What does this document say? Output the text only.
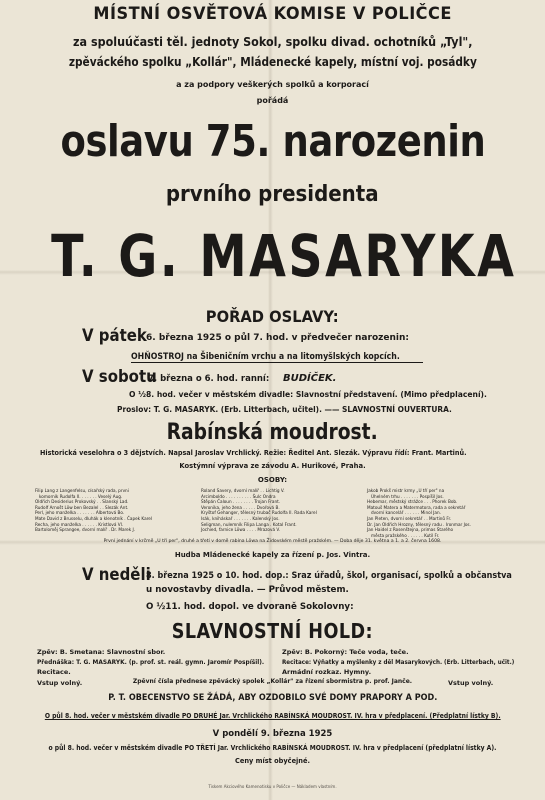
MÍSTNÍ OSVĚTOVÁ KOMISE V POLIČCE
za spoluúčasti těl. jednoty Sokol, spolku divad. ochotníků „Tyl",
zpěváckého spolku „Kollár", Mládenecké kapely, místní voj. posádky
a za podpory veškerých spolků a korporací
pořádá
oslavu 75. narozenin
prvního presidenta
T. G. MASARYKA
POŘAD OSLAVY:
V pátek 6. března 1925 o půl 7. hod. v předvečer narozenin:
OHŇOSTROJ na Šibeničním vrchu a na litomyšlských kopcích.
V sobotu
7. března o 6. hod. ranní: BUDÍČEK.
O ½8. hod. večer v městském divadle: Slavnostní představení. (Mimo předplacení).
Proslov: T. G. MASARYK. (Erb. Litterbach, učitel). —— SLAVNOSTNÍ OUVERTURA.
Rabínská moudrost.
Historická veselohra o 3 dějstvích. Napsal Jaroslav Vrchlický. Režie: Ředitel Ant. Slezák. Výpravu řídí: Frant. Martinů.
Kostýmní výprava ze závodu A. Hurikové, Praha.
OSOBY:
Filip Lang z Langenfelsu, císařský rada, prvni
komorník Rudolfa II. . . . . . . Veselý Aug.
Oldřich Desiderius Prokovský . . Slanský Lad.
Rudolf Arnošt Löw ben Bezalel . . Slezák Ant.
Perl, jeho manželka . . . . . . . Albertová Bo.
Mate David z Brusselu, dluhák a klenotník . Čapek Karel
Recha, jeho manželka . . . . . . Kristlová Vl.
Bartoloměj Sprangee, dvorní malíř . Dr. Marek J.
Roland Savery, dvorní malíř . . Lichtig V.
Arcimboldo . . . . . . . . . . Šulc Ondra
Štěpán Čaloun . . . . . . . . Trojan Frant.
Veronika, jeho žena . . . . . Dvořová B.
Kryštof Gehanger, tělesný trubač Rudolfa II. Rada Karel
Isák, kniháskař . . . . . . . Kalenský Jos.
Seligman, nulemník Filipa Langa . Kotal Frant.
Jochied, farnice Löwa . . . . Mrazová V.
Jakob Prokš mistr krmy „U tří per" na
Úhelném trhu . . . . . . . Pospíšil Jos.
Hebemar, městský strážce . . . Phorek Bob.
Matouš Matera a Matermotora, rada a sekretář
dvorní kancelář . . . . . . Minol Jan.
Jan Pleten, dvorní sekretář . . Martinů Fr.
Dr. Jan Oldřich Hrozny, tělesný radu . Ironmar Jos.
Jan Haidel z Rosenštejna, primas Starého
města pražského . . . . . . Kutil Fr.
První jednání v krčmě „U tří per", druhé a třetí v domě rabína Löwa na Židovském městě pražském. — Doba děje 31. května a 1. a 2. června 1608.
Hudba Mládenecké kapely za řízení p. Jos. Vintra.
V neděli
8. března 1925 o 10. hod. dop.: Sraz úřadů, škol, organisací, spolků a občanstva
u novostavby divadla. — Průvod městem.
O ½11. hod. dopol. ve dvoraně Sokolovny:
SLAVNOSTNÍ HOLD:
Zpěv: B. Smetana: Slavnostní sbor.
Přednáška: T. G. MASARYK. (p. prof. st. reál. gymn. Jaromír Pospíšil).
Recitace.
Vstup volný.
Zpěv: B. Pokorný: Teče voda, teče.
Recitace: Výňatky a myšlenky z děl Masarykových. (Erb. Litterbach, učit.)
Armádní rozkaz. Hymny.
Vstup volný.
Zpěvní čísla přednese zpěvácký spolek „Kollár" za řízení sbormistra p. prof. Janče.
P. T. OBECENSTVO SE ŽÁDÁ, ABY OZDOBILO SVÉ DOMY PRAPORY A POD.
O půl 8. hod. večer v městském divadle PO DRUHÉ Jar. Vrchlického RABÍNSKÁ MOUDROST. IV. hra v předplacení. (Předplatní lístky B).
V pondělí 9. března 1925
o půl 8. hod. večer v městském divadle PO TŘETÍ Jar. Vrchlického RABÍNSKÁ MOUDROST. IV. hra v předplacení (předplatní lístky A).
Ceny míst obyčejné.
Tiskem Akciového Kamenotisku v Poličce — Nákladem vlastním.
